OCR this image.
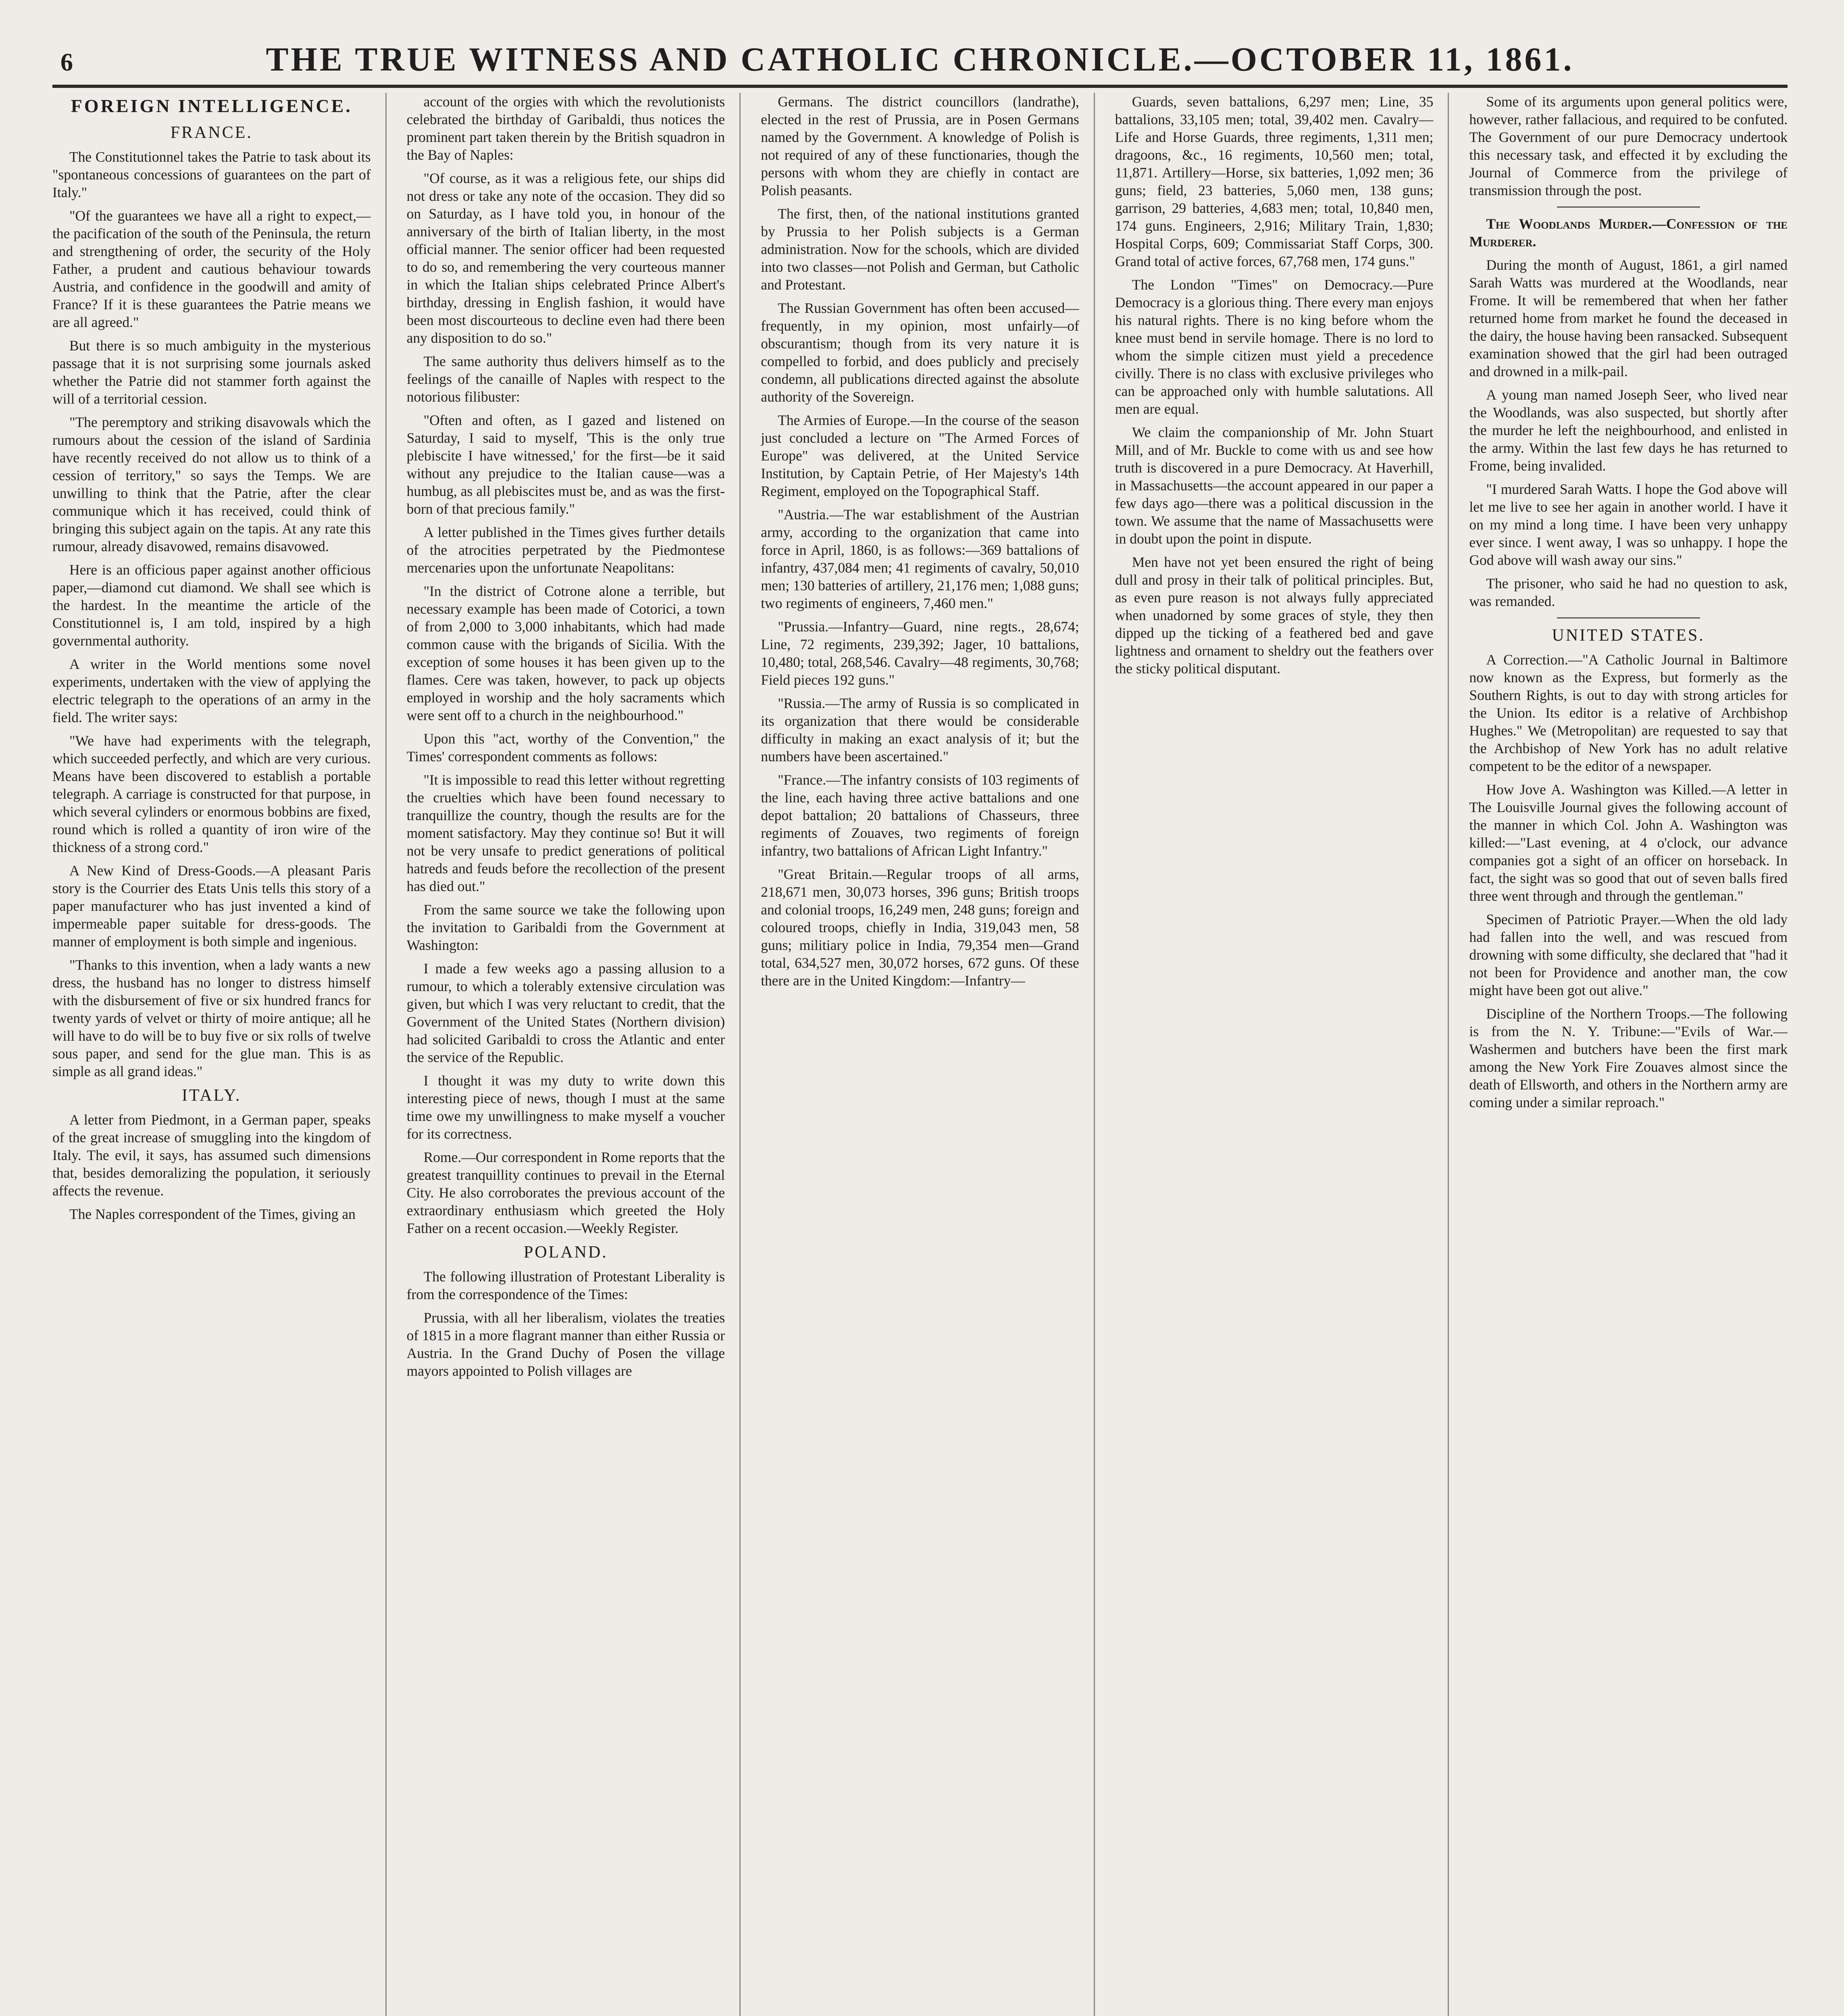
6	THE TRUE WITNESS AND CATHOLIC CHRONICLE.—OCTOBER 11, 1861.
FOREIGN INTELLIGENCE.
FRANCE.

The Constitutionnel takes the Patrie to task about its "spontaneous concessions of guarantees on the part of Italy."

"Of the guarantees we have all a right to expect,—the pacification of the south of the Peninsula, the return and strengthening of order, the security of the Holy Father, a prudent and cautious behaviour towards Austria, and confidence in the goodwill and amity of France? If it is these guarantees the Patrie means we are all agreed."

But there is so much ambiguity in the mysterious passage that it is not surprising some journals asked whether the Patrie did not stammer forth against the will of a territorial cession.

"The peremptory and striking disavowals which the rumours about the cession of the island of Sardinia have recently received do not allow us to think of a cession of territory," so says the Temps. We are unwilling to think that the Patrie, after the clear communique which it has received, could think of bringing this subject again on the tapis. At any rate this rumour, already disavowed, remains disavowed.

Here is an officious paper against another officious paper,—diamond cut diamond. We shall see which is the hardest. In the meantime the article of the Constitutionnel is, I am told, inspired by a high governmental authority.

A writer in the World mentions some novel experiments, undertaken with the view of applying the electric telegraph to the operations of an army in the field. The writer says:

"We have had experiments with the telegraph, which succeeded perfectly, and which are very curious. Means have been discovered to establish a portable telegraph. A carriage is constructed for that purpose, in which several cylinders or enormous bobbins are fixed, round which is rolled a quantity of iron wire of the thickness of a strong cord."

A New Kind of Dress-Goods.—A pleasant Paris story is the Courrier des Etats Unis tells this story of a paper manufacturer who has just invented a kind of impermeable paper suitable for dress-goods. The manner of employment is both simple and ingenious.

"Thanks to this invention, when a lady wants a new dress, the husband has no longer to distress himself with the disbursement of five or six hundred francs for twenty yards of velvet or thirty of moire antique; all he will have to do will be to buy five or six rolls of twelve sous paper, and send for the glue man. This is as simple as all grand ideas."

ITALY.

A letter from Piedmont, in a German paper, speaks of the great increase of smuggling into the kingdom of Italy. The evil, it says, has assumed such dimensions that, besides demoralizing the population, it seriously affects the revenue.

The Naples correspondent of the Times, giving an

account of the orgies with which the revolutionists celebrated the birthday of Garibaldi, thus notices the prominent part taken therein by the British squadron in the Bay of Naples:

"Of course, as it was a religious fete, our ships did not dress or take any note of the occasion. They did so on Saturday, as I have told you, in honour of the anniversary of the birth of Italian liberty, in the most official manner. The senior officer had been requested to do so, and remembering the very courteous manner in which the Italian ships celebrated Prince Albert's birthday, dressing in English fashion, it would have been most discourteous to decline even had there been any disposition to do so."

The same authority thus delivers himself as to the feelings of the canaille of Naples with respect to the notorious filibuster:

"Often and often, as I gazed and listened on Saturday, I said to myself, 'This is the only true plebiscite I have witnessed,' for the first—be it said without any prejudice to the Italian cause—was a humbug, as all plebiscites must be, and as was the first-born of that precious family."

A letter published in the Times gives further details of the atrocities perpetrated by the Piedmontese mercenaries upon the unfortunate Neapolitans:

"In the district of Cotrone alone a terrible, but necessary example has been made of Cotorici, a town of from 2,000 to 3,000 inhabitants, which had made common cause with the brigands of Sicilia. With the exception of some houses it has been given up to the flames. Cere was taken, however, to pack up objects employed in worship and the holy sacraments which were sent off to a church in the neighbourhood."

Upon this "act, worthy of the Convention," the Times' correspondent comments as follows:

"It is impossible to read this letter without regretting the cruelties which have been found necessary to tranquillize the country, though the results are for the moment satisfactory. May they continue so! But it will not be very unsafe to predict generations of political hatreds and feuds before the recollection of the present has died out."

From the same source we take the following upon the invitation to Garibaldi from the Government at Washington:

I made a few weeks ago a passing allusion to a rumour, to which a tolerably extensive circulation was given, but which I was very reluctant to credit, that the Government of the United States (Northern division) had solicited Garibaldi to cross the Atlantic and enter the service of the Republic.

I thought it was my duty to write down this interesting piece of news, though I must at the same time owe my unwillingness to make myself a voucher for its correctness.

Rome.—Our correspondent in Rome reports that the greatest tranquillity continues to prevail in the Eternal City. He also corroborates the previous account of the extraordinary enthusiasm which greeted the Holy Father on a recent occasion.—Weekly Register.

POLAND.

The following illustration of Protestant Liberality is from the correspondence of the Times:

Prussia, with all her liberalism, violates the treaties of 1815 in a more flagrant manner than either Russia or Austria. In the Grand Duchy of Posen the village mayors appointed to Polish villages are

Germans. The district councillors (landrathe), elected in the rest of Prussia, are in Posen Germans named by the Government. A knowledge of Polish is not required of any of these functionaries, though the persons with whom they are chiefly in contact are Polish peasants.

The first, then, of the national institutions granted by Prussia to her Polish subjects is a German administration. Now for the schools, which are divided into two classes—not Polish and German, but Catholic and Protestant.

The Russian Government has often been accused—frequently, in my opinion, most unfairly—of obscurantism; though from its very nature it is compelled to forbid, and does publicly and precisely condemn, all publications directed against the absolute authority of the Sovereign.

The Armies of Europe.—In the course of the season just concluded a lecture on "The Armed Forces of Europe" was delivered, at the United Service Institution, by Captain Petrie, of Her Majesty's 14th Regiment, employed on the Topographical Staff.

"Austria.—The war establishment of the Austrian army, according to the organization that came into force in April, 1860, is as follows:—369 battalions of infantry, 437,084 men; 41 regiments of cavalry, 50,010 men; 130 batteries of artillery, 21,176 men; 1,088 guns; two regiments of engineers, 7,460 men."

"Prussia.—Infantry—Guard, nine regts., 28,674; Line, 72 regiments, 239,392; Jager, 10 battalions, 10,480; total, 268,546. Cavalry—48 regiments, 30,768; Field pieces 192 guns."

"Russia.—The army of Russia is so complicated in its organization that there would be considerable difficulty in making an exact analysis of it; but the numbers have been ascertained."

"France.—The infantry consists of 103 regiments of the line, each having three active battalions and one depot battalion; 20 battalions of Chasseurs, three regiments of Zouaves, two regiments of foreign infantry, two battalions of African Light Infantry."

"Great Britain.—Regular troops of all arms, 218,671 men, 30,073 horses, 396 guns; British troops and colonial troops, 16,249 men, 248 guns; foreign and coloured troops, chiefly in India, 319,043 men, 58 guns; militiary police in India, 79,354 men—Grand total, 634,527 men, 30,072 horses, 672 guns. Of these there are in the United Kingdom:—Infantry—

Guards, seven battalions, 6,297 men; Line, 35 battalions, 33,105 men; total, 39,402 men. Cavalry—Life and Horse Guards, three regiments, 1,311 men; dragoons, &c., 16 regiments, 10,560 men; total, 11,871. Artillery—Horse, six batteries, 1,092 men; 36 guns; field, 23 batteries, 5,060 men, 138 guns; garrison, 29 batteries, 4,683 men; total, 10,840 men, 174 guns. Engineers, 2,916; Military Train, 1,830; Hospital Corps, 609; Commissariat Staff Corps, 300. Grand total of active forces, 67,768 men, 174 guns."

The London "Times" on Democracy.—Pure Democracy is a glorious thing. There every man enjoys his natural rights. There is no king before whom the knee must bend in servile homage. There is no lord to whom the simple citizen must yield a precedence civilly. There is no class with exclusive privileges who can be approached only with humble salutations. All men are equal.

We claim the companionship of Mr. John Stuart Mill, and of Mr. Buckle to come with us and see how truth is discovered in a pure Democracy. At Haverhill, in Massachusetts—the account appeared in our paper a few days ago—there was a political discussion in the town. We assume that the name of Massachusetts were in doubt upon the point in dispute.

Men have not yet been ensured the right of being dull and prosy in their talk of political principles. But, as even pure reason is not always fully appreciated when unadorned by some graces of style, they then dipped up the ticking of a feathered bed and gave lightness and ornament to sheldry out the feathers over the sticky political disputant.

Some of its arguments upon general politics were, however, rather fallacious, and required to be confuted. The Government of our pure Democracy undertook this necessary task, and effected it by excluding the Journal of Commerce from the privilege of transmission through the post.

The Woodlands Murder.—Confession of the Murderer.

During the month of August, 1861, a girl named Sarah Watts was murdered at the Woodlands, near Frome. It will be remembered that when her father returned home from market he found the deceased in the dairy, the house having been ransacked. Subsequent examination showed that the girl had been outraged and drowned in a milk-pail.

A young man named Joseph Seer, who lived near the Woodlands, was also suspected, but shortly after the murder he left the neighbourhood, and enlisted in the army. Within the last few days he has returned to Frome, being invalided.

"I murdered Sarah Watts. I hope the God above will let me live to see her again in another world. I have it on my mind a long time. I have been very unhappy ever since. I went away, I was so unhappy. I hope the God above will wash away our sins."

The prisoner, who said he had no question to ask, was remanded.

UNITED STATES.

A Correction.—"A Catholic Journal in Baltimore now known as the Express, but formerly as the Southern Rights, is out to day with strong articles for the Union. Its editor is a relative of Archbishop Hughes." We (Metropolitan) are requested to say that the Archbishop of New York has no adult relative competent to be the editor of a newspaper.

How Jove A. Washington was Killed.—A letter in The Louisville Journal gives the following account of the manner in which Col. John A. Washington was killed:—"Last evening, at 4 o'clock, our advance companies got a sight of an officer on horseback. In fact, the sight was so good that out of seven balls fired three went through and through the gentleman."

Specimen of Patriotic Prayer.—When the old lady had fallen into the well, and was rescued from drowning with some difficulty, she declared that "had it not been for Providence and another man, the cow might have been got out alive."

Discipline of the Northern Troops.—The following is from the N. Y. Tribune:—"Evils of War.—Washermen and butchers have been the first mark among the New York Fire Zouaves almost since the death of Ellsworth, and others in the Northern army are coming under a similar reproach."
